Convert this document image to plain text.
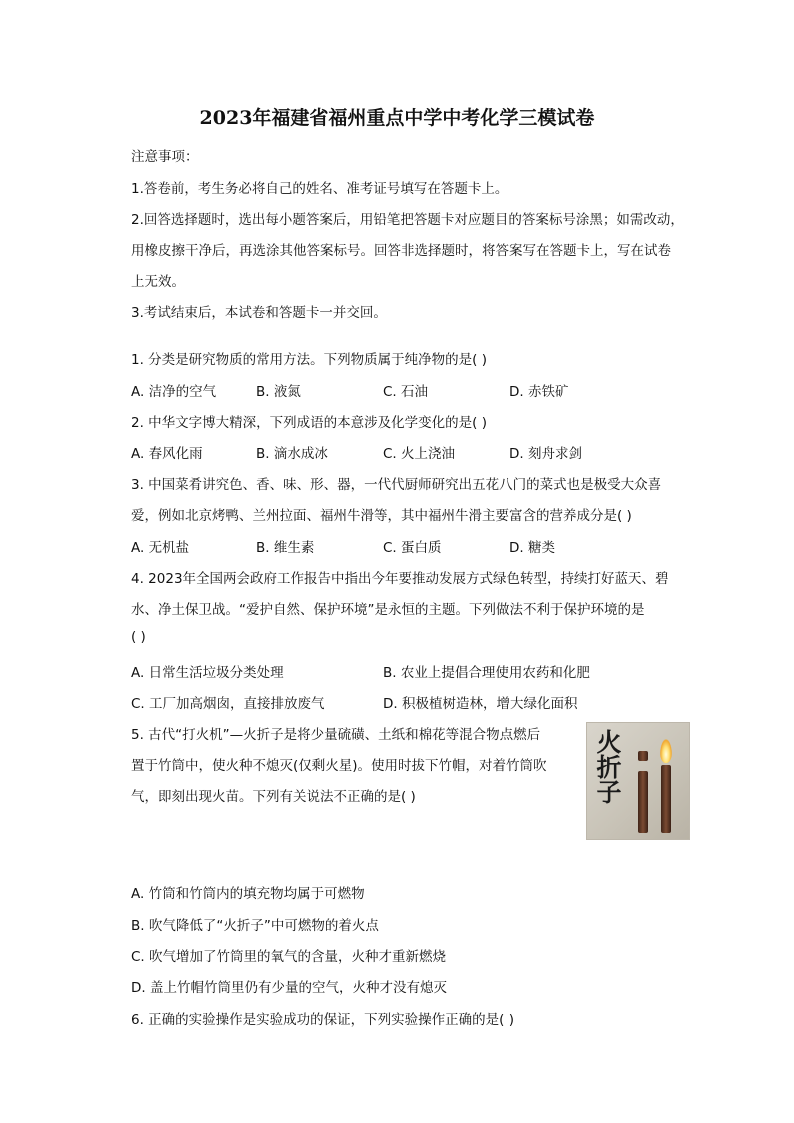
2023年福建省福州重点中学中考化学三模试卷
注意事项：
1.答卷前，考生务必将自己的姓名、准考证号填写在答题卡上。
2.回答选择题时，选出每小题答案后，用铅笔把答题卡对应题目的答案标号涂黑；如需改动，
用橡皮擦干净后，再选涂其他答案标号。回答非选择题时，将答案写在答题卡上，写在试卷
上无效。
3.考试结束后，本试卷和答题卡一并交回。
1. 分类是研究物质的常用方法。下列物质属于纯净物的是( )
A. 洁净的空气	B. 液氮	C. 石油	D. 赤铁矿
2. 中华文字博大精深，下列成语的本意涉及化学变化的是( )
A. 春风化雨	B. 滴水成冰	C. 火上浇油	D. 刻舟求剑
3. 中国菜肴讲究色、香、味、形、器，一代代厨师研究出五花八门的菜式也是极受大众喜
爱，例如北京烤鸭、兰州拉面、福州牛滑等，其中福州牛滑主要富含的营养成分是( )
A. 无机盐	B. 维生素	C. 蛋白质	D. 糖类
4. 2023年全国两会政府工作报告中指出今年要推动发展方式绿色转型，持续打好蓝天、碧
水、净土保卫战。“爱护自然、保护环境”是永恒的主题。下列做法不利于保护环境的是
( )
A. 日常生活垃圾分类处理	B. 农业上提倡合理使用农药和化肥
C. 工厂加高烟囱，直接排放废气	D. 积极植树造林，增大绿化面积
5. 古代“打火机”—火折子是将少量硫磺、土纸和棉花等混合物点燃后
置于竹筒中，使火种不熄灭(仅剩火星)。使用时拔下竹帽，对着竹筒吹
气，即刻出现火苗。下列有关说法不正确的是( )	火折子
A. 竹筒和竹筒内的填充物均属于可燃物
B. 吹气降低了“火折子”中可燃物的着火点
C. 吹气增加了竹筒里的氧气的含量，火种才重新燃烧
D. 盖上竹帽竹筒里仍有少量的空气，火种才没有熄灭
6. 正确的实验操作是实验成功的保证，下列实验操作正确的是( )
